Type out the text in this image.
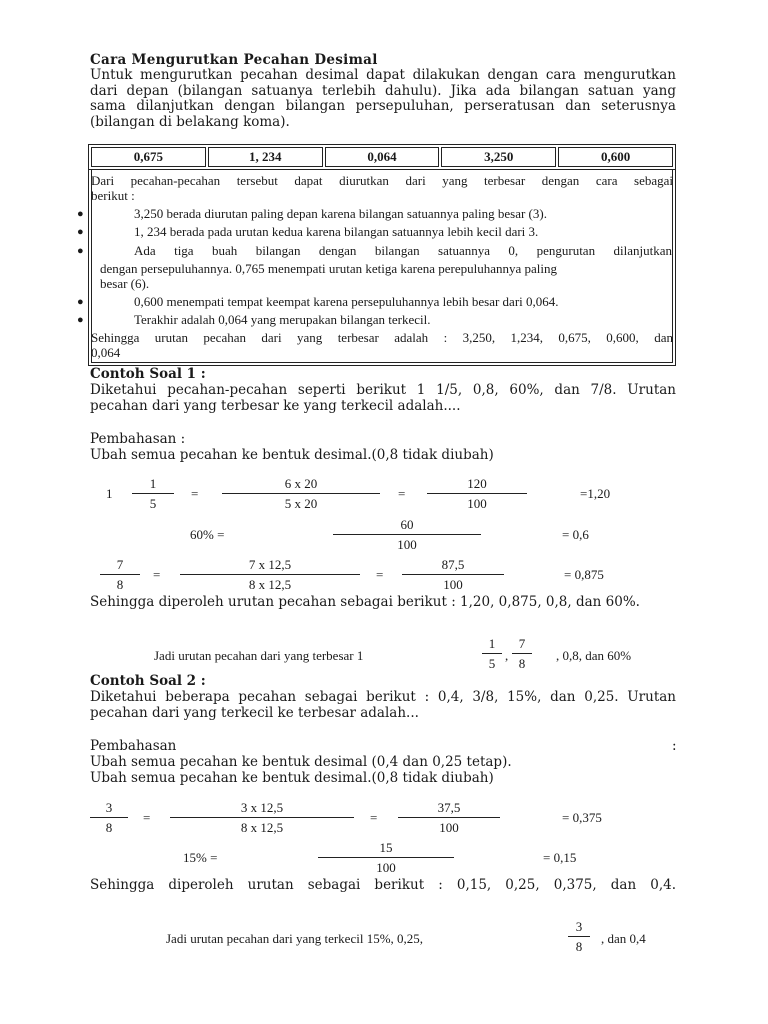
Cara Mengurutkan Pecahan Desimal
Untuk mengurutkan pecahan desimal dapat dilakukan dengan cara mengurutkan
dari depan (bilangan satuanya terlebih dahulu). Jika ada bilangan satuan yang
sama dilanjutkan dengan bilangan persepuluhan, perseratusan dan seterusnya
(bilangan di belakang koma).
0,675	1, 234	0,064	3,250	0,600
Dari pecahan-pecahan tersebut dapat diurutkan dari yang terbesar dengan cara sebagai
berikut :
●	3,250 berada diurutan paling depan karena bilangan satuannya paling besar (3).
●	1, 234 berada pada urutan kedua karena bilangan satuannya lebih kecil dari 3.
●	Ada tiga buah bilangan dengan bilangan satuannya 0, pengurutan dilanjutkan
dengan persepuluhannya. 0,765 menempati urutan ketiga karena perepuluhannya paling
besar (6).
●	0,600 menempati tempat keempat karena persepuluhannya lebih besar dari 0,064.
●	Terakhir adalah 0,064 yang merupakan bilangan terkecil.
Sehingga urutan pecahan dari yang terbesar adalah : 3,250, 1,234, 0,675, 0,600, dan
0,064
Contoh Soal 1 :
Diketahui pecahan-pecahan seperti berikut 1 1/5, 0,8, 60%, dan 7/8. Urutan
pecahan dari yang terbesar ke yang terkecil adalah....
Pembahasan :
Ubah semua pecahan ke bentuk desimal.(0,8 tidak diubah)
1
1
5
=
6 x 20
5 x 20
=
120
100
=1,20
60% =
60
100
= 0,6
7
8
=
7 x 12,5
8 x 12,5
=
87,5
100
= 0,875
Sehingga diperoleh urutan pecahan sebagai berikut : 1,20, 0,875, 0,8, dan 60%.
Jadi urutan pecahan dari yang terbesar 1
1
5
,
7
8
, 0,8, dan 60%
Contoh Soal 2 :
Diketahui beberapa pecahan sebagai berikut : 0,4, 3/8, 15%, dan 0,25. Urutan
pecahan dari yang terkecil ke terbesar adalah...
Pembahasan	:
Ubah semua pecahan ke bentuk desimal (0,4 dan 0,25 tetap).
Ubah semua pecahan ke bentuk desimal.(0,8 tidak diubah)
3
8
=
3 x 12,5
8 x 12,5
=
37,5
100
= 0,375
15% =
15
100
= 0,15
Sehingga diperoleh urutan sebagai berikut : 0,15, 0,25, 0,375, dan 0,4.
Jadi urutan pecahan dari yang terkecil 15%, 0,25,
3
8
, dan 0,4
